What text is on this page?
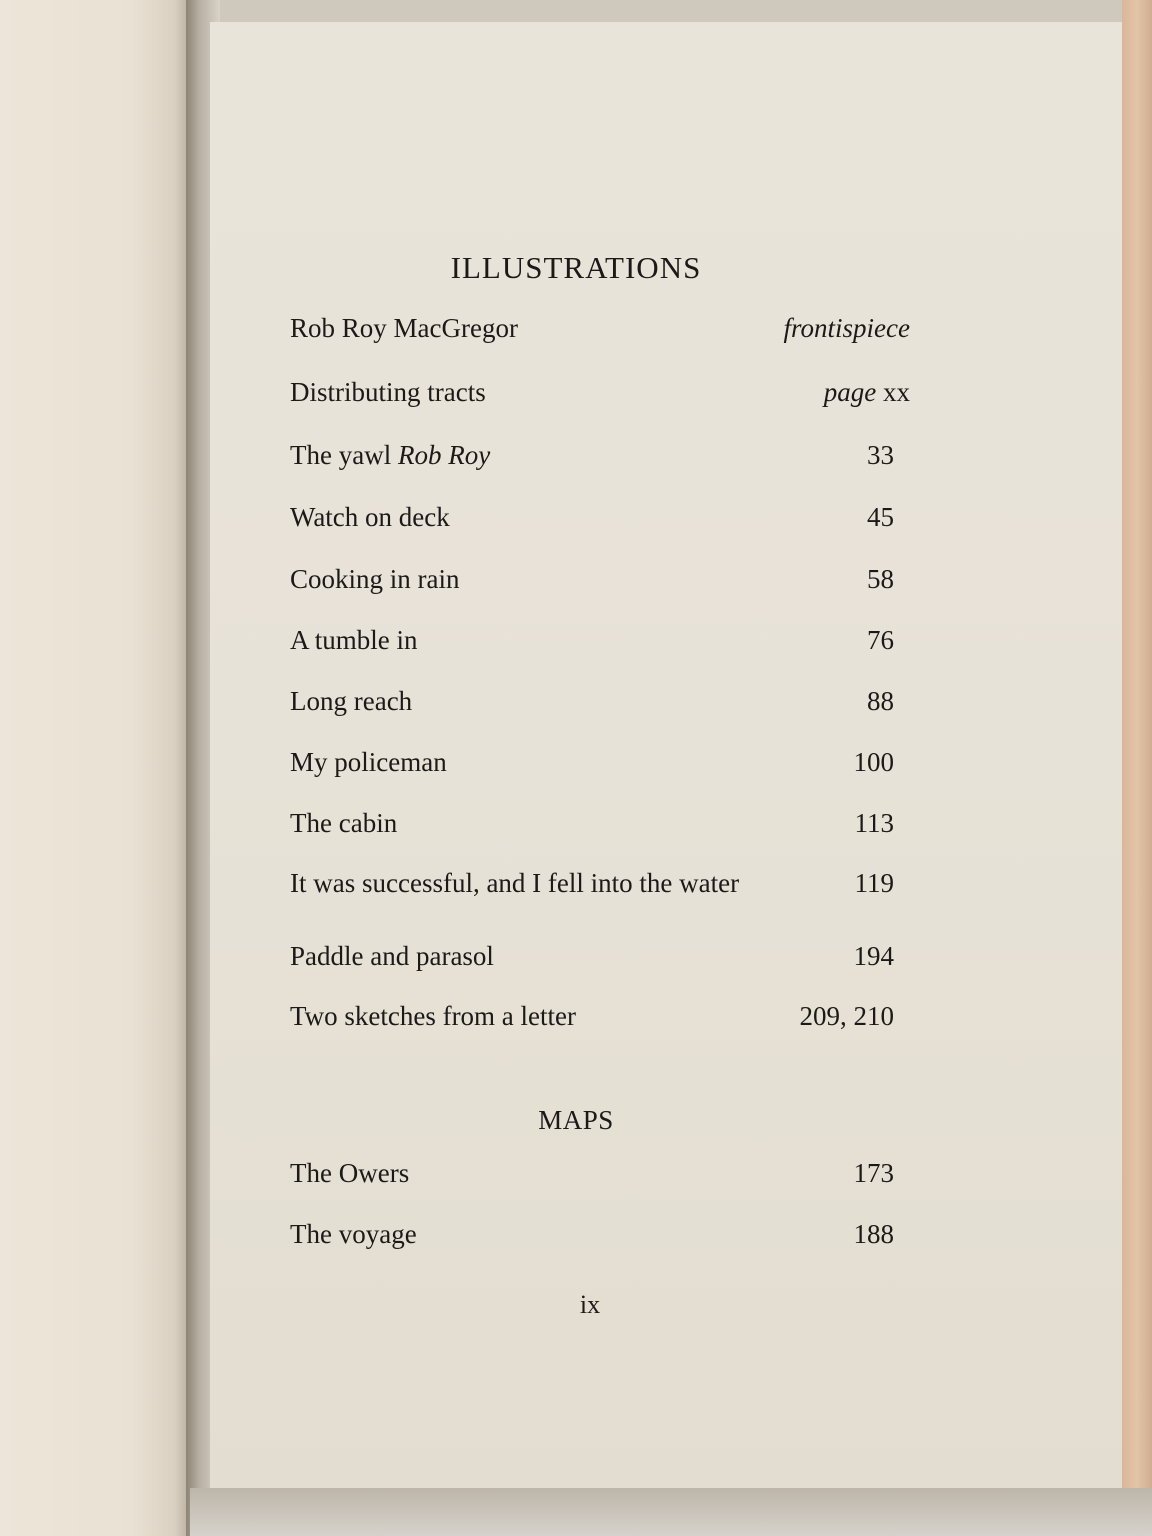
ILLUSTRATIONS
Rob Roy MacGregor	frontispiece
Distributing tracts	page xx
The yawl Rob Roy	33
Watch on deck	45
Cooking in rain	58
A tumble in	76
Long reach	88
My policeman	100
The cabin	113
It was successful, and I fell into the water	119
Paddle and parasol	194
Two sketches from a letter	209, 210
MAPS
The Owers	173
The voyage	188
ix
